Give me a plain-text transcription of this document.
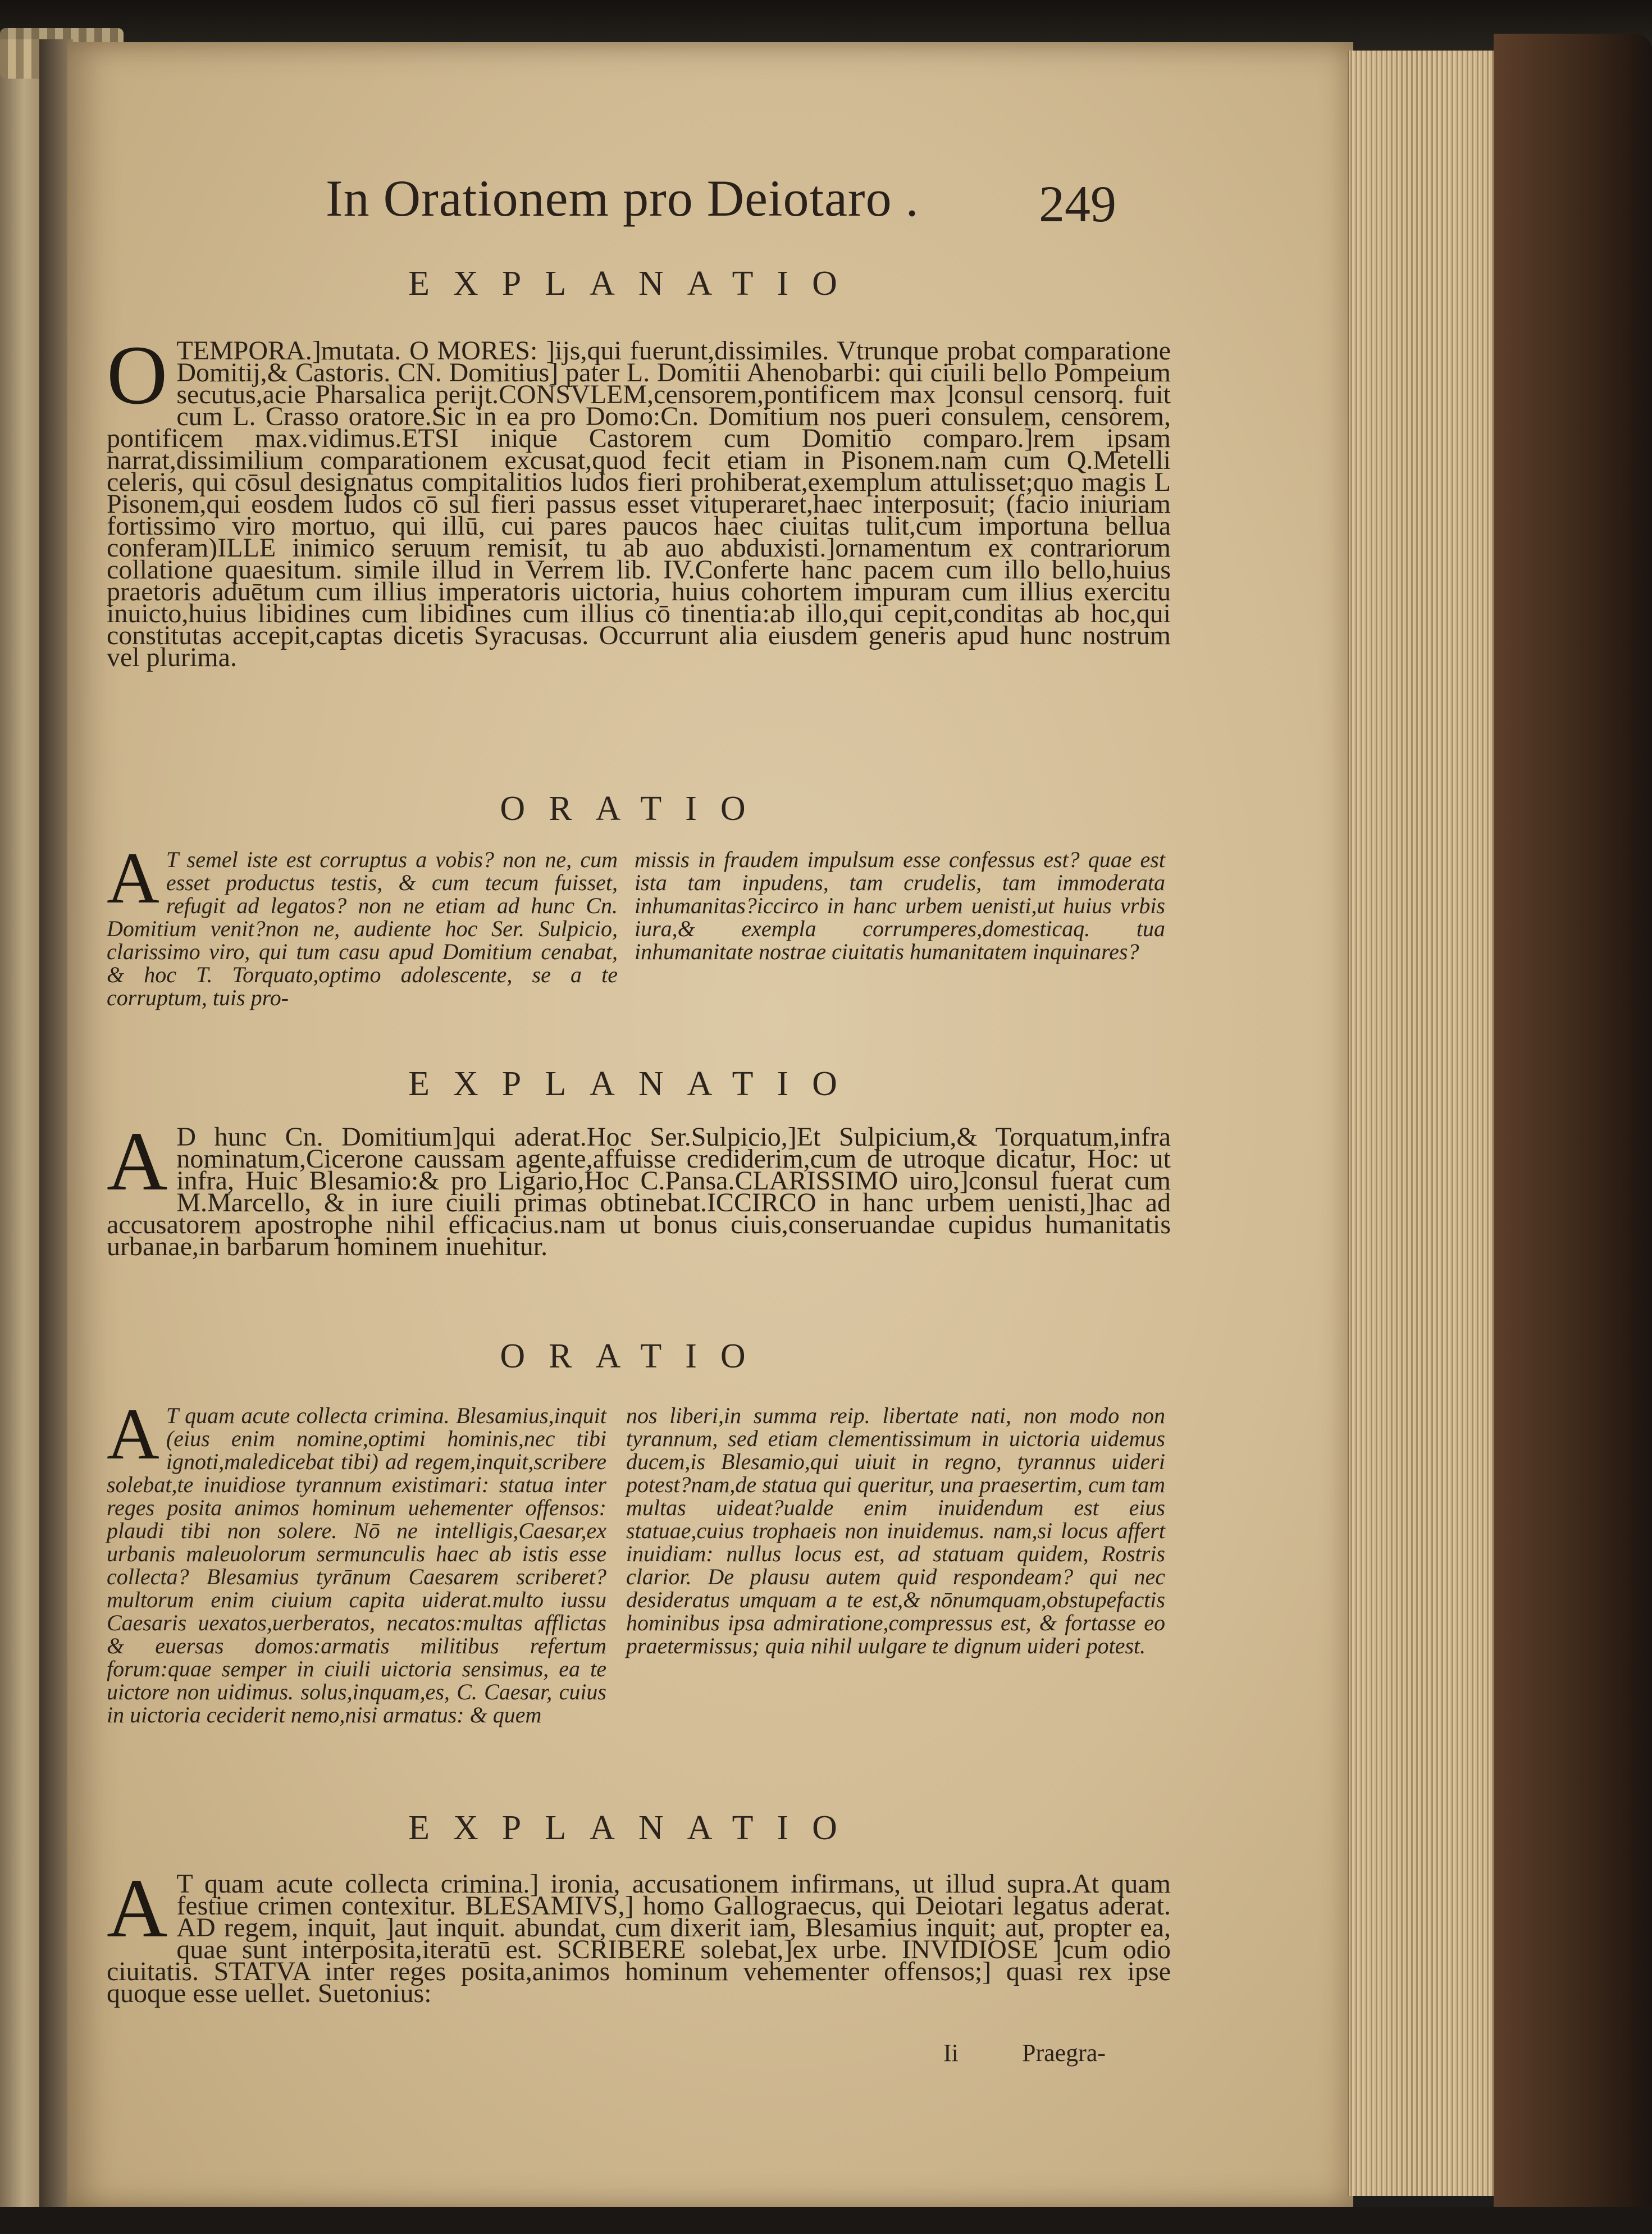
In Orationem pro Deiotaro . 249
EXPLANATIO
O TEMPORA.]mutata. O MORES: ]ijs,qui fuerunt,dissimiles. Vtrunque probat comparatione Domitij,& Castoris. CN. Domitius] pater L. Domitii Ahenobarbi: qui ciuili bello Pompeium secutus,acie Pharsalica perijt.CONSVLEM,censorem,pontificem max ]consul censorq. fuit cum L. Crasso oratore.Sic in ea pro Domo:Cn. Domitium nos pueri consulem, censorem, pontificem max.vidimus.ETSI inique Castorem cum Domitio comparo.]rem ipsam narrat,dissimilium comparationem excusat,quod fecit etiam in Pisonem.nam cum Q.Metelli celeris, qui cōsul designatus compitalitios ludos fieri prohiberat,exemplum attulisset;quo magis L Pisonem,qui eosdem ludos cō sul fieri passus esset vituperaret,haec interposuit; (facio iniuriam fortissimo viro mortuo, qui illū, cui pares paucos haec ciuitas tulit,cum importuna bellua conferam)ILLE inimico seruum remisit, tu ab auo abduxisti.]ornamentum ex contrariorum collatione quaesitum. simile illud in Verrem lib. IV.Conferte hanc pacem cum illo bello,huius praetoris aduētum cum illius imperatoris uictoria, huius cohortem impuram cum illius exercitu inuicto,huius libidines cum libidines cum illius cō tinentia:ab illo,qui cepit,conditas ab hoc,qui constitutas accepit,captas dicetis Syracusas. Occurrunt alia eiusdem generis apud hunc nostrum vel plurima.

ORATIO
A T semel iste est corruptus a vobis? non ne, cum esset productus testis, & cum tecum fuisset, refugit ad legatos? non ne etiam ad hunc Cn. Domitium venit?non ne, audiente hoc Ser. Sulpicio, clarissimo viro, qui tum casu apud Domitium cenabat, & hoc T. Torquato,optimo adolescente, se a te corruptum, tuis pro-

missis in fraudem impulsum esse confessus est? quae est ista tam inpudens, tam crudelis, tam immoderata inhumanitas?iccirco in hanc urbem uenisti,ut huius vrbis iura,& exempla corrumperes,domesticaq. tua inhumanitate nostrae ciuitatis humanitatem inquinares?

EXPLANATIO
A D hunc Cn. Domitium]qui aderat.Hoc Ser.Sulpicio,]Et Sulpicium,& Torquatum,infra nominatum,Cicerone caussam agente,affuisse crediderim,cum de utroque dicatur, Hoc: ut infra, Huic Blesamio:& pro Ligario,Hoc C.Pansa.CLARISSIMO uiro,]consul fuerat cum M.Marcello, & in iure ciuili primas obtinebat.ICCIRCO in hanc urbem uenisti,]hac ad accusatorem apostrophe nihil efficacius.nam ut bonus ciuis,conseruandae cupidus humanitatis urbanae,in barbarum hominem inuehitur.

ORATIO
A T quam acute collecta crimina. Blesamius,inquit (eius enim nomine,optimi hominis,nec tibi ignoti,maledicebat tibi) ad regem,inquit,scribere solebat,te inuidiose tyrannum existimari: statua inter reges posita animos hominum uehementer offensos: plaudi tibi non solere. Nō ne intelligis,Caesar,ex urbanis maleuolorum sermunculis haec ab istis esse collecta? Blesamius tyrānum Caesarem scriberet?multorum enim ciuium capita uiderat.multo iussu Caesaris uexatos,uerberatos, necatos:multas afflictas & euersas domos:armatis militibus refertum forum:quae semper in ciuili uictoria sensimus, ea te uictore non uidimus. solus,inquam,es, C. Caesar, cuius in uictoria ceciderit nemo,nisi armatus: & quem

nos liberi,in summa reip. libertate nati, non modo non tyrannum, sed etiam clementissimum in uictoria uidemus ducem,is Blesamio,qui uiuit in regno, tyrannus uideri potest?nam,de statua qui queritur, una praesertim, cum tam multas uideat?ualde enim inuidendum est eius statuae,cuius trophaeis non inuidemus. nam,si locus affert inuidiam: nullus locus est, ad statuam quidem, Rostris clarior. De plausu autem quid respondeam? qui nec desideratus umquam a te est,& nōnumquam,obstupefactis hominibus ipsa admiratione,compressus est, & fortasse eo praetermissus; quia nihil uulgare te dignum uideri potest.

EXPLANATIO
A T quam acute collecta crimina.] ironia, accusationem infirmans, ut illud supra.At quam festiue crimen contexitur. BLESAMIVS,] homo Gallograecus, qui Deiotari legatus aderat. AD regem, inquit, ]aut inquit. abundat, cum dixerit iam, Blesamius inquit; aut, propter ea, quae sunt interposita,iteratū est. SCRIBERE solebat,]ex urbe. INVIDIOSE ]cum odio ciuitatis. STATVA inter reges posita,animos hominum vehementer offensos;] quasi rex ipse quoque esse uellet. Suetonius:

Ii	Praegra-
